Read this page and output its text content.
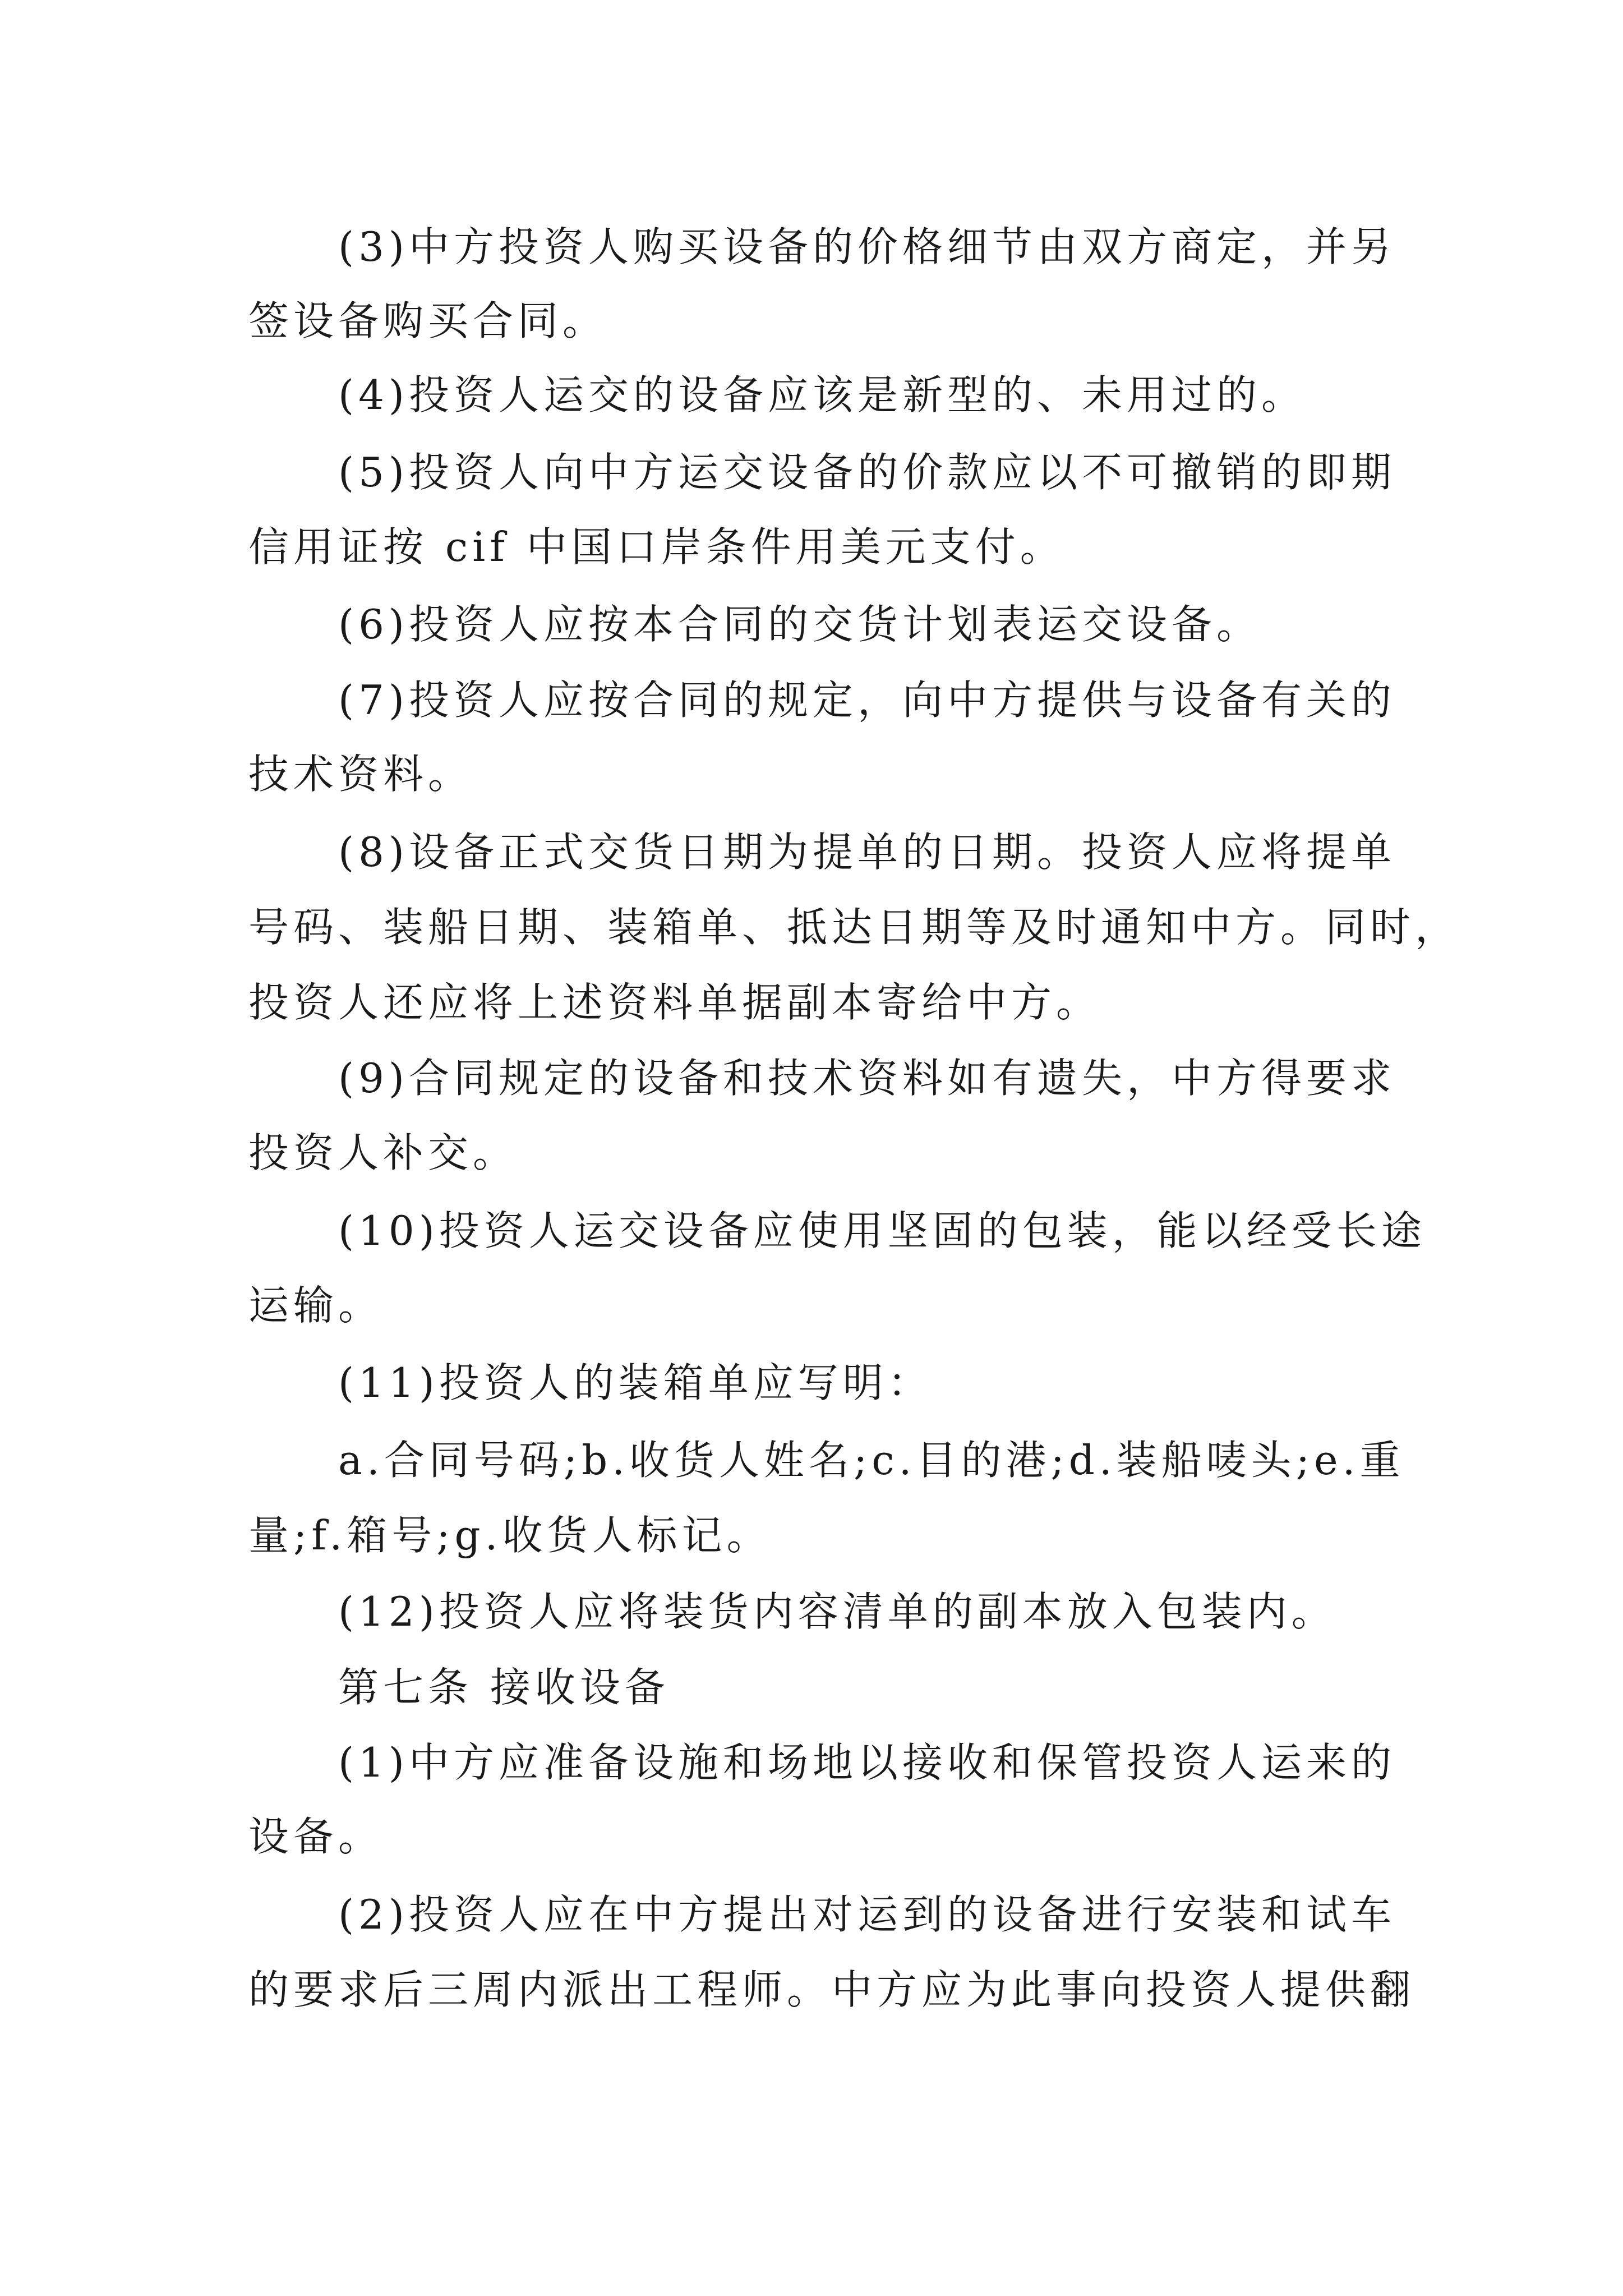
(3)中方投资人购买设备的价格细节由双方商定，并另
签设备购买合同。
(4)投资人运交的设备应该是新型的、未用过的。
(5)投资人向中方运交设备的价款应以不可撤销的即期
信用证按 cif 中国口岸条件用美元支付。
(6)投资人应按本合同的交货计划表运交设备。
(7)投资人应按合同的规定，向中方提供与设备有关的
技术资料。
(8)设备正式交货日期为提单的日期。投资人应将提单
号码、装船日期、装箱单、抵达日期等及时通知中方。同时，
投资人还应将上述资料单据副本寄给中方。
(9)合同规定的设备和技术资料如有遗失，中方得要求
投资人补交。
(10)投资人运交设备应使用坚固的包装，能以经受长途
运输。
(11)投资人的装箱单应写明：
a.合同号码;b.收货人姓名;c.目的港;d.装船唛头;e.重
量;f.箱号;g.收货人标记。
(12)投资人应将装货内容清单的副本放入包装内。
第七条 接收设备
(1)中方应准备设施和场地以接收和保管投资人运来的
设备。
(2)投资人应在中方提出对运到的设备进行安装和试车
的要求后三周内派出工程师。中方应为此事向投资人提供翻
